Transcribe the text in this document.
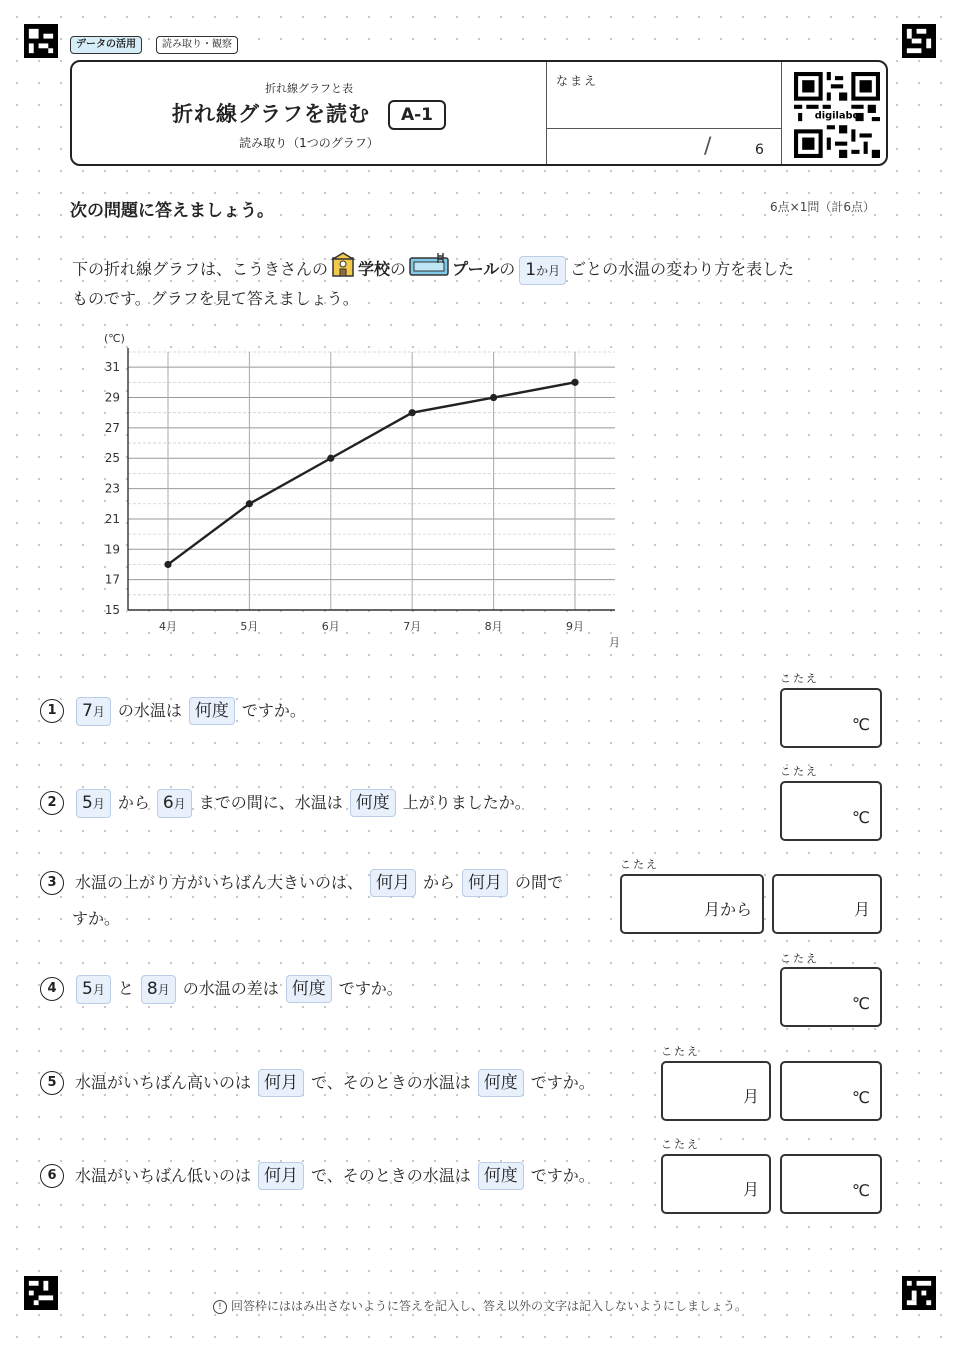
データの活用	読み取り・観察
折れ線グラフと表
折れ線グラフを読む	A-1
読み取り（1つのグラフ）
なまえ
/	6
digilabo
次の問題に答えましょう。	6点×1問（計6点）
下の折れ線グラフは、こうきさんの 学校の	プールの 1か月 ごとの水温の変わり方を表した
ものです。グラフを見て答えましょう。
15
17
19
21
23
25
27
29
31
4月	5月	6月	7月	8月	9月
(℃)
月
1	7月 の水温は 何度 ですか。
こたえ
℃
2	5月 から 6月 までの間に、水温は 何度 上がりましたか。
こたえ
℃
3	水温の上がり方がいちばん大きいのは、 何月 から 何月 の間で
すか。
こたえ
月から	月
4	5月 と 8月 の水温の差は 何度 ですか。
こたえ
℃
5	水温がいちばん高いのは 何月 で、そのときの水温は 何度 ですか。
こたえ
月	℃
6	水温がいちばん低いのは 何月 で、そのときの水温は 何度 ですか。
こたえ
月	℃
! 回答枠にははみ出さないように答えを記入し、答え以外の文字は記入しないようにしましょう。
